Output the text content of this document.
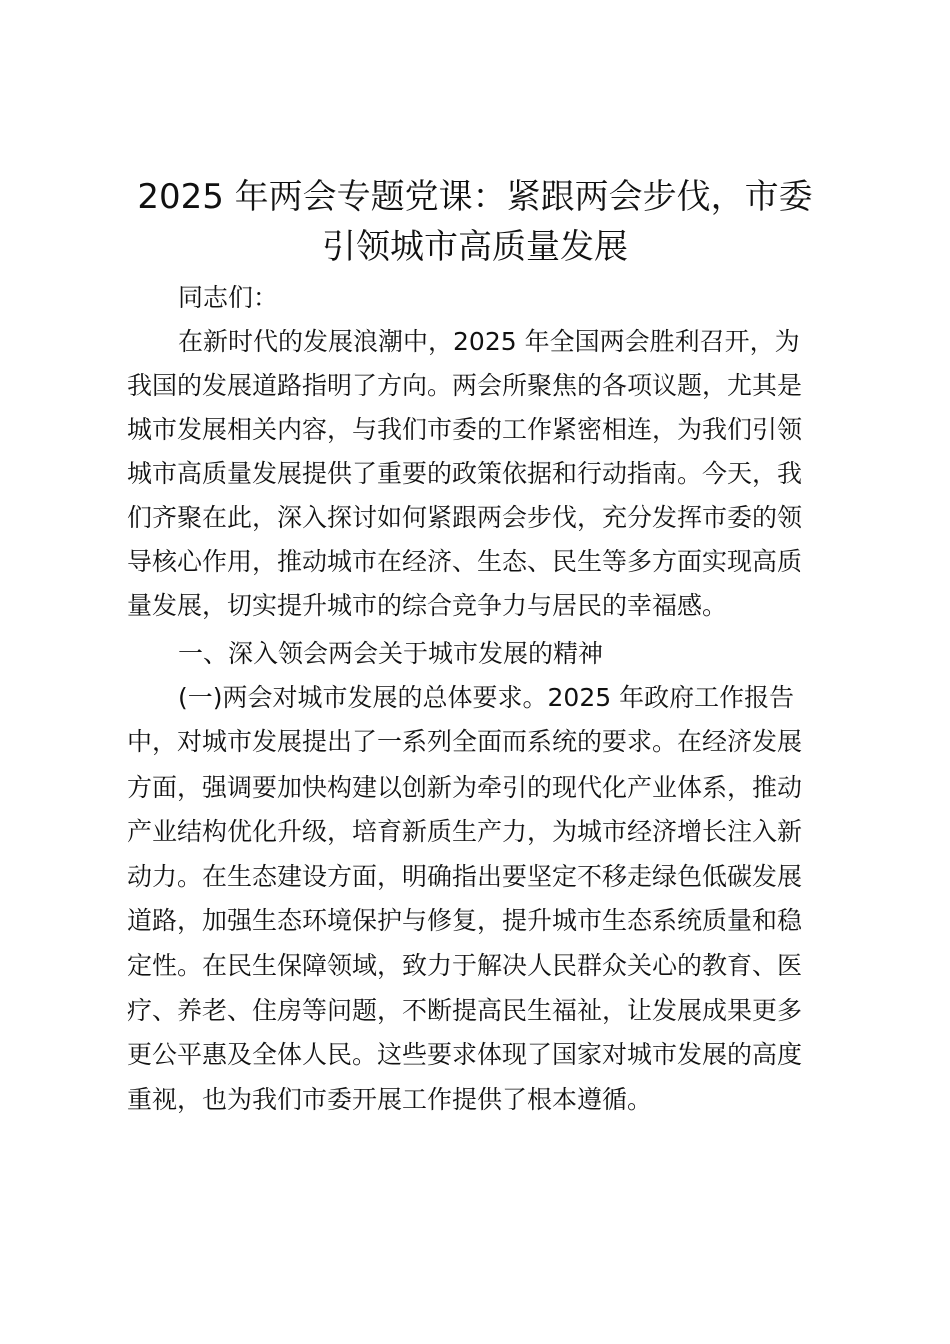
2025 年两会专题党课：紧跟两会步伐，市委
引领城市高质量发展

同志们：

在新时代的发展浪潮中，2025 年全国两会胜利召开，为

我国的发展道路指明了方向。两会所聚焦的各项议题，尤其是

城市发展相关内容，与我们市委的工作紧密相连，为我们引领

城市高质量发展提供了重要的政策依据和行动指南。今天，我

们齐聚在此，深入探讨如何紧跟两会步伐，充分发挥市委的领

导核心作用，推动城市在经济、生态、民生等多方面实现高质

量发展，切实提升城市的综合竞争力与居民的幸福感。

一、深入领会两会关于城市发展的精神

(一)两会对城市发展的总体要求。2025 年政府工作报告

中，对城市发展提出了一系列全面而系统的要求。在经济发展

方面，强调要加快构建以创新为牵引的现代化产业体系，推动

产业结构优化升级，培育新质生产力，为城市经济增长注入新

动力。在生态建设方面，明确指出要坚定不移走绿色低碳发展

道路，加强生态环境保护与修复，提升城市生态系统质量和稳

定性。在民生保障领域，致力于解决人民群众关心的教育、医

疗、养老、住房等问题，不断提高民生福祉，让发展成果更多

更公平惠及全体人民。这些要求体现了国家对城市发展的高度

重视，也为我们市委开展工作提供了根本遵循。
